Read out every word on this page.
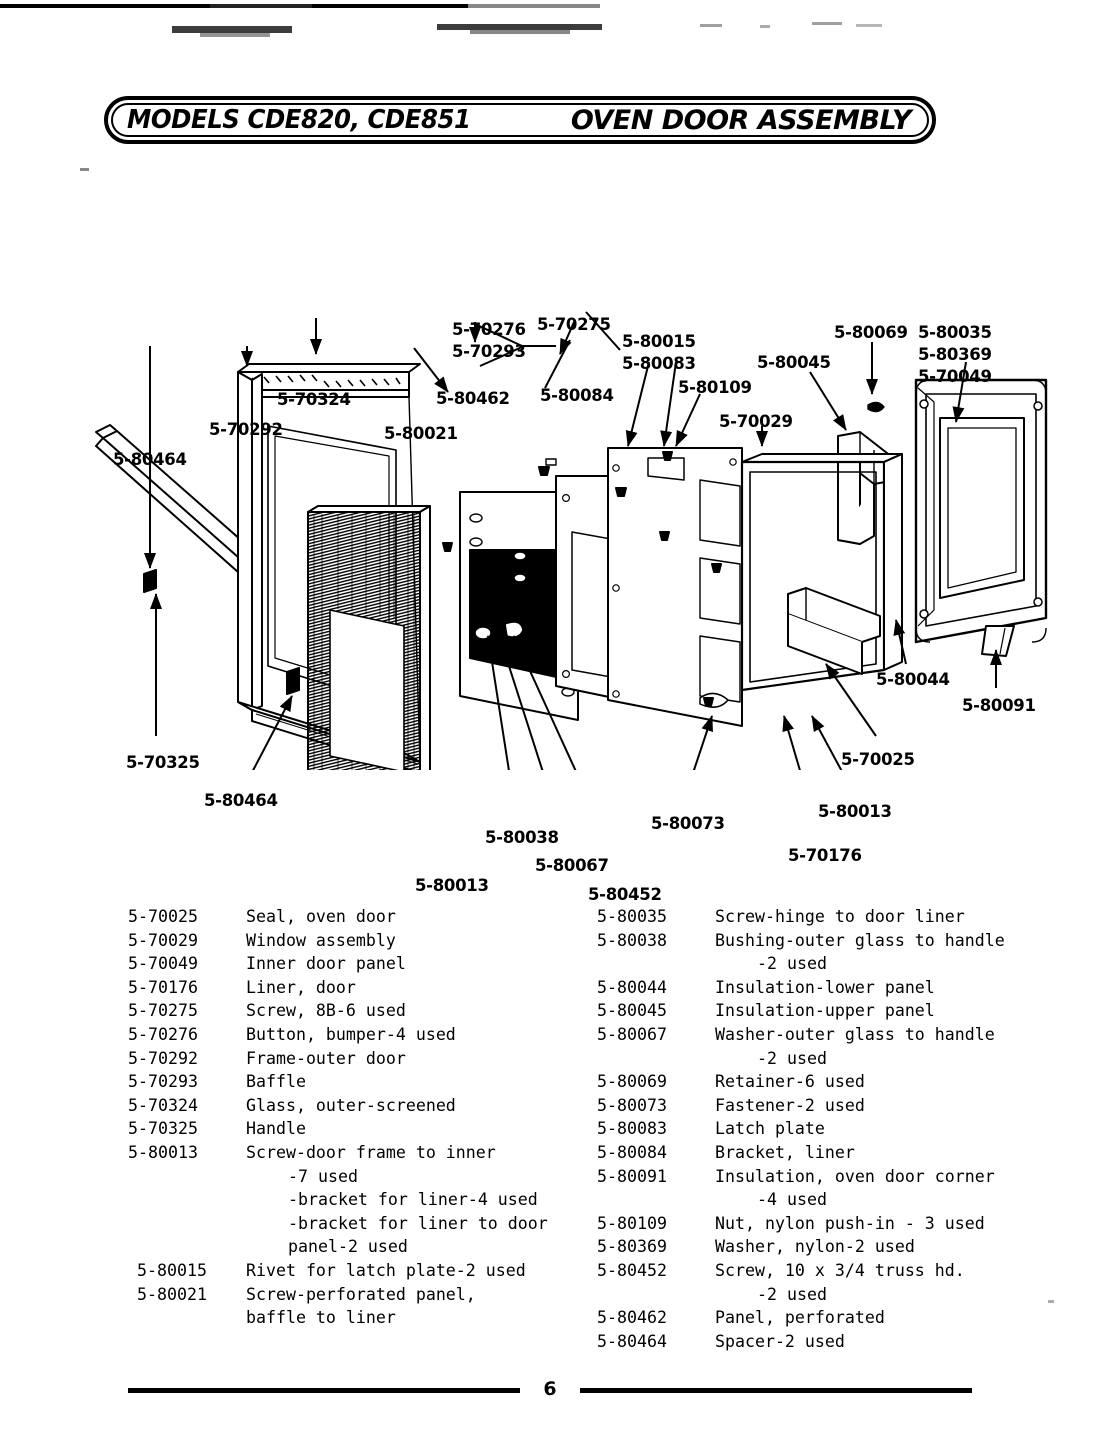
MODELS CDE820, CDE851	OVEN DOOR ASSEMBLY
5-80464
5-70292
5-70324
5-80021
5-80462
5-70276
5-70293
5-70275
5-80084
5-80015
5-80083
5-80109
5-70029
5-80045
5-80069 5-80035
5-80369
5-70049
5-80044
5-80091
5-70025
5-80013
5-70176
5-80073
5-70325
5-80464
5-80013
5-80038
5-80067
5-80452
5-70025	Seal, oven door
5-70029	Window assembly
5-70049	Inner door panel
5-70176	Liner, door
5-70275	Screw, 8B-6 used
5-70276	Button, bumper-4 used
5-70292	Frame-outer door
5-70293	Baffle
5-70324	Glass, outer-screened
5-70325	Handle
5-80013	Screw-door frame to inner
-7 used
-bracket for liner-4 used
-bracket for liner to door
panel-2 used
5-80015	Rivet for latch plate-2 used
5-80021	Screw-perforated panel,
baffle to liner
5-80035	Screw-hinge to door liner
5-80038	Bushing-outer glass to handle
-2 used
5-80044	Insulation-lower panel
5-80045	Insulation-upper panel
5-80067	Washer-outer glass to handle
-2 used
5-80069	Retainer-6 used
5-80073	Fastener-2 used
5-80083	Latch plate
5-80084	Bracket, liner
5-80091	Insulation, oven door corner
-4 used
5-80109	Nut, nylon push-in - 3 used
5-80369	Washer, nylon-2 used
5-80452	Screw, 10 x 3/4 truss hd.
-2 used
5-80462	Panel, perforated
5-80464	Spacer-2 used
6
